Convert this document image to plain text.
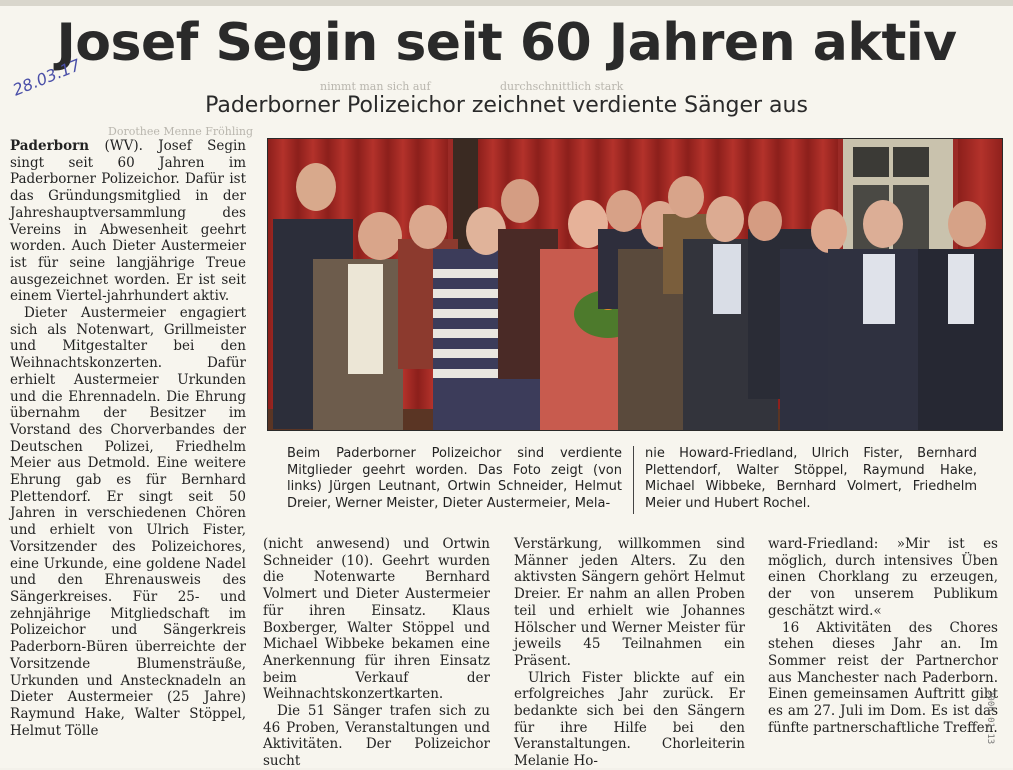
Dorothee Menne Fröhling
nimmt man sich auf	durchschnittlich stark
Josef Segin seit 60 Jahren aktiv
Paderborner Polizeichor zeichnet verdiente Sänger aus
28.03.17

Paderborn (WV). Josef Segin singt seit 60 Jahren im Paderborner Polizeichor. Dafür ist das Gründungsmitglied in der Jahreshauptversammlung des Vereins in Abwesenheit geehrt worden. Auch Dieter Austermeier ist für seine langjährige Treue ausgezeichnet worden. Er ist seit einem Viertel-jahrhundert aktiv.

Dieter Austermeier engagiert sich als Notenwart, Grillmeister und Mitgestalter bei den Weihnachtskonzerten. Dafür erhielt Austermeier Urkunden und die Ehrennadeln. Die Ehrung übernahm der Besitzer im Vorstand des Chorverbandes der Deutschen Polizei, Friedhelm Meier aus Detmold. Eine weitere Ehrung gab es für Bernhard Plettendorf. Er singt seit 50 Jahren in verschiedenen Chören und erhielt von Ulrich Fister, Vorsitzender des Polizeichores, eine Urkunde, eine goldene Nadel und den Ehrenausweis des Sängerkreises. Für 25- und zehnjährige Mitgliedschaft im Polizeichor und Sängerkreis Paderborn-Büren überreichte der Vorsitzende Blumensträuße, Urkunden und Anstecknadeln an Dieter Austermeier (25 Jahre) Raymund Hake, Walter Stöppel, Helmut Tölle

Beim Paderborner Polizeichor sind verdiente Mitglieder geehrt worden. Das Foto zeigt (von links) Jürgen Leutnant, Ortwin Schneider, Helmut Dreier, Werner Meister, Dieter Austermeier, Mela-
nie Howard-Friedland, Ulrich Fister, Bernhard Plettendorf, Walter Stöppel, Raymund Hake, Michael Wibbeke, Bernhard Volmert, Friedhelm Meier und Hubert Rochel.

(nicht anwesend) und Ortwin Schneider (10). Geehrt wurden die Notenwarte Bernhard Volmert und Dieter Austermeier für ihren Einsatz. Klaus Boxberger, Walter Stöppel und Michael Wibbeke bekamen eine Anerkennung für ihren Einsatz beim Verkauf der Weihnachtskonzertkarten.

Die 51 Sänger trafen sich zu 46 Proben, Veranstaltungen und Aktivitäten. Der Polizeichor sucht

Verstärkung, willkommen sind Männer jeden Alters. Zu den aktivsten Sängern gehört Helmut Dreier. Er nahm an allen Proben teil und erhielt wie Johannes Hölscher und Werner Meister für jeweils 45 Teilnahmen ein Präsent.

Ulrich Fister blickte auf ein erfolgreiches Jahr zurück. Er bedankte sich bei den Sängern für ihre Hilfe bei den Veranstaltungen. Chorleiterin Melanie Ho-

ward-Friedland: »Mir ist es möglich, durch intensives Üben einen Chorklang zu erzeugen, der von unserem Publikum geschätzt wird.«

16 Aktivitäten des Chores stehen dieses Jahr an. Im Sommer reist der Partnerchor aus Manchester nach Paderborn. Einen gemeinsamen Auftritt gibt es am 27. Juli im Dom. Es ist das fünfte partnerschaftliche Treffen.

3000 01 13
